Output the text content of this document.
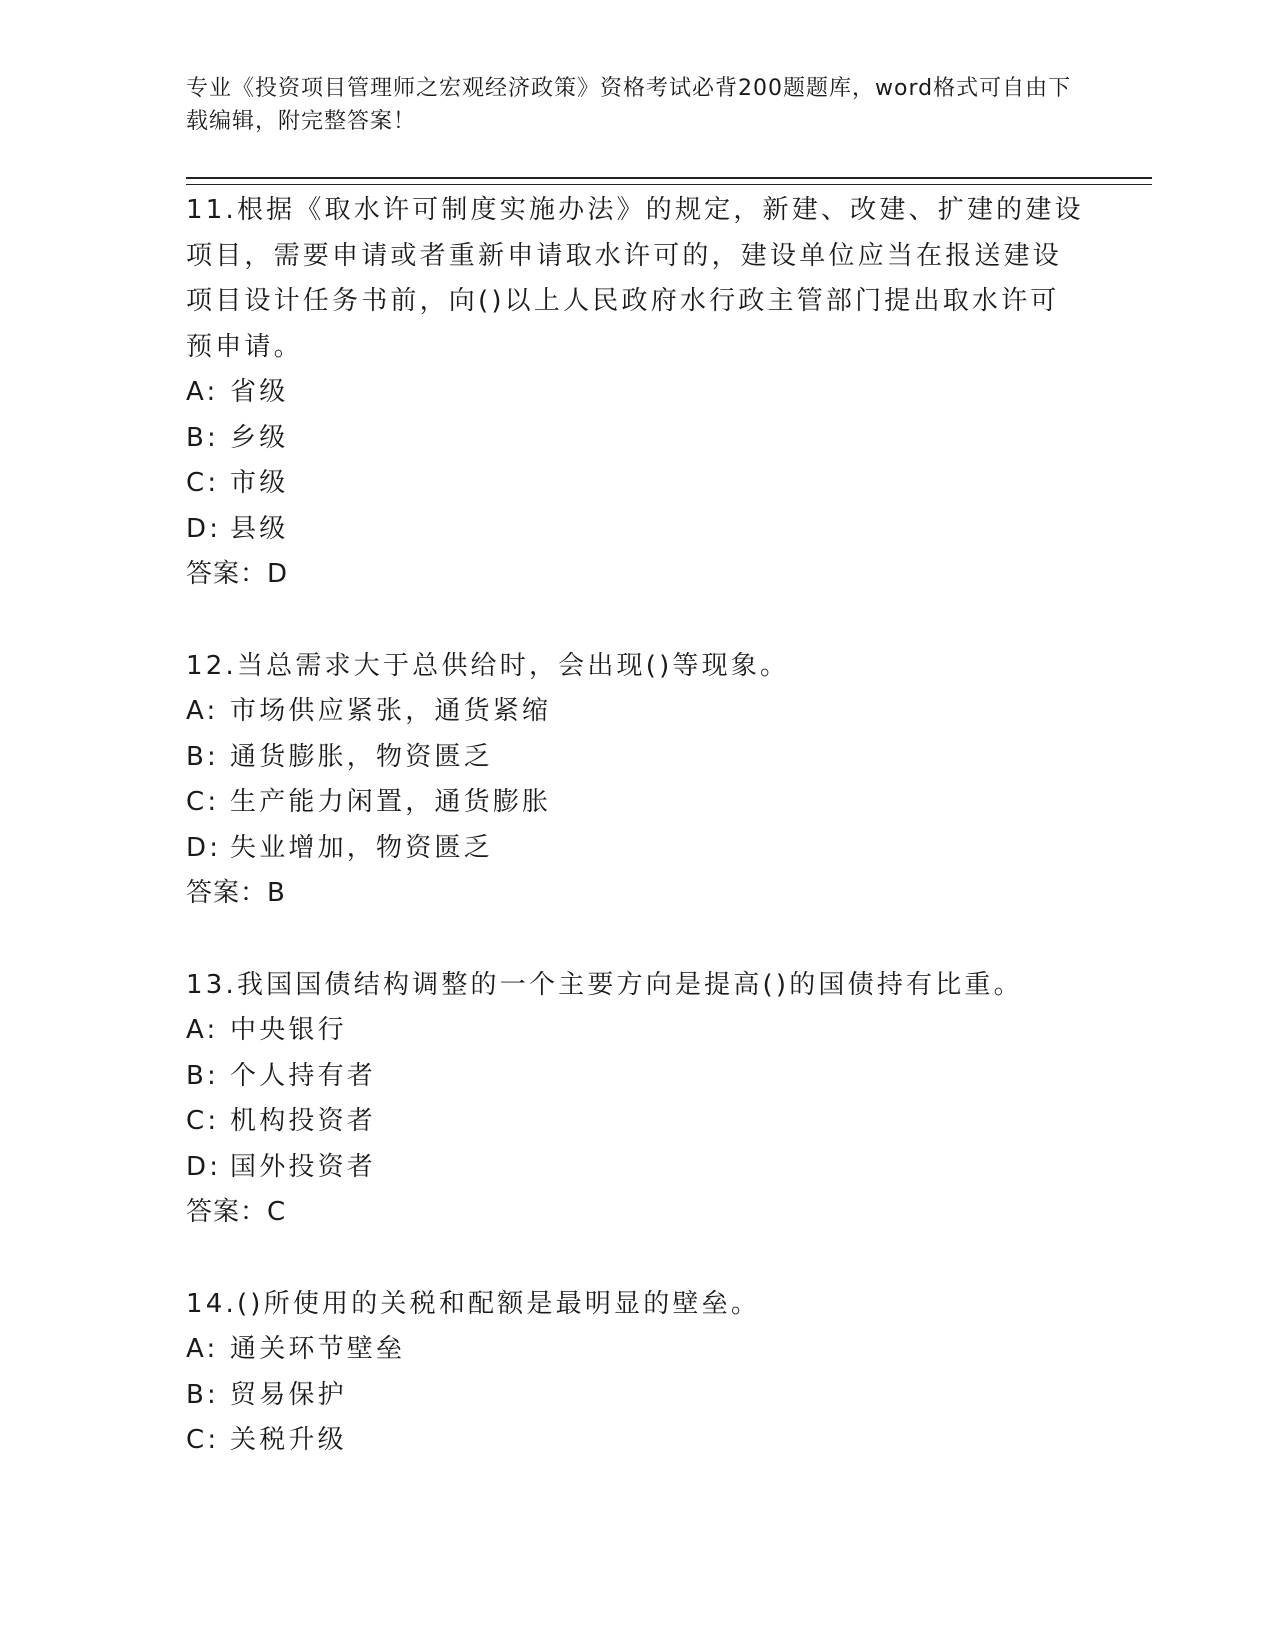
专业《投资项目管理师之宏观经济政策》资格考试必背200题题库，word格式可自由下载编辑，附完整答案！

11.根据《取水许可制度实施办法》的规定，新建、改建、扩建的建设项目，需要申请或者重新申请取水许可的，建设单位应当在报送建设项目设计任务书前，向()以上人民政府水行政主管部门提出取水许可预申请。

A: 省级

B: 乡级

C: 市级

D: 县级

答案：D

12.当总需求大于总供给时，会出现()等现象。

A: 市场供应紧张，通货紧缩

B: 通货膨胀，物资匮乏

C: 生产能力闲置，通货膨胀

D: 失业增加，物资匮乏

答案：B

13.我国国债结构调整的一个主要方向是提高()的国债持有比重。

A: 中央银行

B: 个人持有者

C: 机构投资者

D: 国外投资者

答案：C

14.()所使用的关税和配额是最明显的壁垒。

A: 通关环节壁垒

B: 贸易保护

C: 关税升级
